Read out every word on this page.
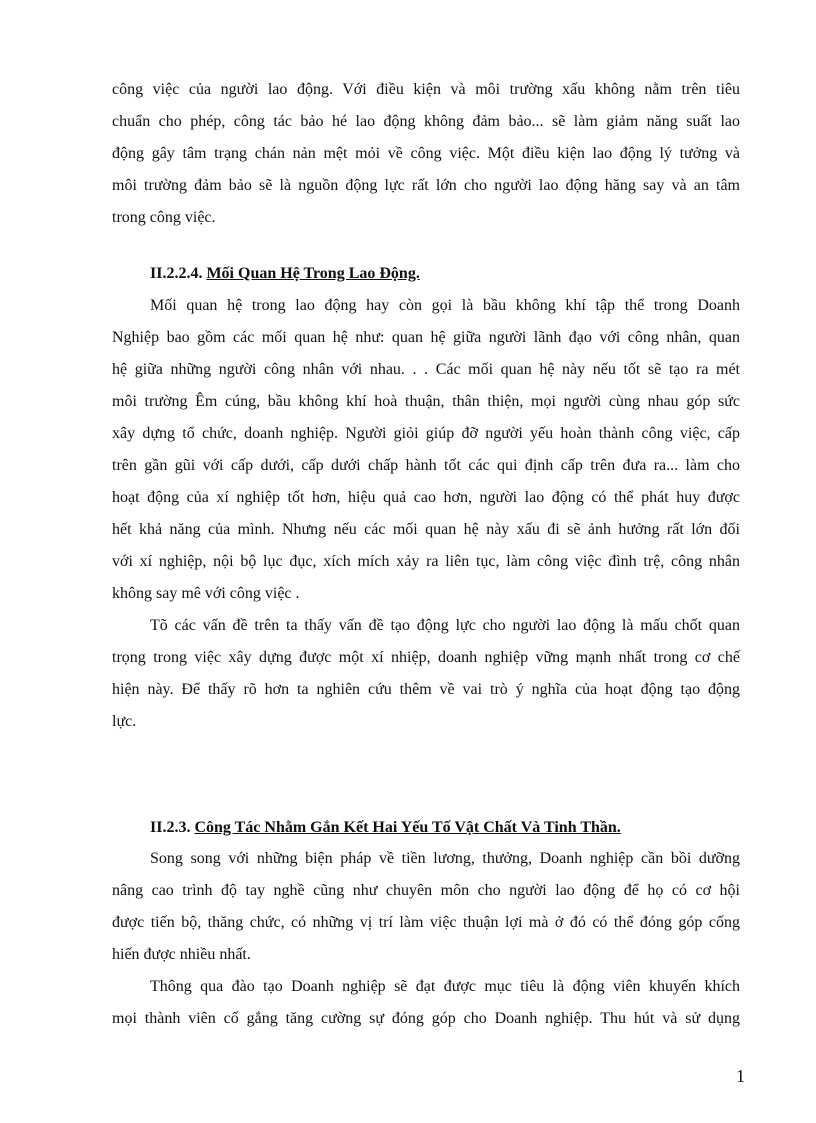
công việc của người lao động. Với điều kiện và môi trường xấu không nằm trên tiêu
chuẩn cho phép, công tác bảo hé lao động không đảm bảo... sẽ làm giảm năng suất lao
động gây tâm trạng chán nản mệt mỏi về công việc. Một điều kiện lao động lý tưởng và
môi trường đảm bảo sẽ là nguồn động lực rất lớn cho người lao động hăng say và an tâm
trong công việc.
II.2.2.4. Mối Quan Hệ Trong Lao Động.
Mối quan hệ trong lao động hay còn gọi là bầu không khí tập thể trong Doanh
Nghiệp bao gồm các mối quan hệ như: quan hệ giữa người lãnh đạo với công nhân, quan
hệ giữa những người công nhân với nhau. . . Các mối quan hệ này nếu tốt sẽ tạo ra mét
môi trường Êm cúng, bầu không khí hoà thuận, thân thiện, mọi người cùng nhau góp sức
xây dựng tổ chức, doanh nghiệp. Người giỏi giúp đỡ người yếu hoàn thành công việc, cấp
trên gần gũi với cấp dưới, cấp dưới chấp hành tốt các qui định cấp trên đưa ra... làm cho
hoạt động của xí nghiệp tốt hơn, hiệu quả cao hơn, người lao động có thể phát huy được
hết khả năng của mình. Nhưng nếu các mối quan hệ này xấu đi sẽ ảnh hưởng rất lớn đối
với xí nghiệp, nội bộ lục đục, xích mích xảy ra liên tục, làm công việc đình trệ, công nhân
không say mê với công việc .
Tõ các vấn đề trên ta thấy vấn đề tạo động lực cho người lao động là mấu chốt quan
trọng trong việc xây dựng được một xí nhiệp, doanh nghiệp vững mạnh nhất trong cơ chế
hiện này. Để thấy rõ hơn ta nghiên cứu thêm về vai trò ý nghĩa của hoạt động tạo động
lực.
II.2.3. Công Tác Nhằm Gắn Kết Hai Yếu Tố Vật Chất Và Tinh Thần.
Song song với những biện pháp về tiền lương, thưởng, Doanh nghiệp cần bồi dưỡng
nâng cao trình độ tay nghề cũng như chuyên môn cho người lao động để họ có cơ hội
được tiến bộ, thăng chức, có những vị trí làm việc thuận lợi mà ở đó có thể đóng góp cống
hiến được nhiều nhất.
Thông qua đào tạo Doanh nghiệp sẽ đạt được mục tiêu là động viên khuyến khích
mọi thành viên cố gắng tăng cường sự đóng góp cho Doanh nghiệp. Thu hút và sử dụng
1
